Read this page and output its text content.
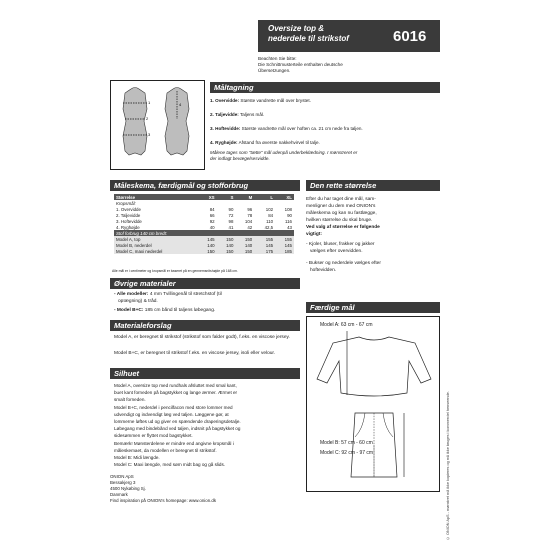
Oversize top &
nederdele til strikstof	6016
Beachten Sie bitte:
Die Schnittmusterteile enthalten deutsche
Übersetzungen.
1
2
3
4
Måltagning
1. Overvidde: Største vandrette mål over brystet.
2. Taljevidde: Taljens mål.
3. Hoftevidde: Største vandrette mål over hoften ca. 21 cm nede fra taljen.
4. Ryghøjde: Afstand fra øverste nakkehvirvel til talje.
Målene tages som "tætte" mål udenpå underbeklædning. I mønstreret er
der indlagt bevægelsesvidde.
Måleskema, færdigmål og stofforbrug
Størrelse	XS	S	M	L	XL
Kropsmål:					
1. Overvidde	84	90	96	102	108
2. Taljevidde	66	72	78	84	90
3. Hoftevidde	92	98	104	110	116
4. Ryghøjde	40	41	42	42,5	43
Stof forbrug 140 cm bredt:					
Model A, top	145	150	150	155	155
Model B, nederdel	140	140	140	145	145
Model C, maxi nederdel	150	150	150	175	185
Alle mål er i centimeter og kropsmål er baseret på en gennemsnitshøjde på 168 cm.
Øvrige materialer
- Alle modeller: 4 mm Tvillingenål til stretchstof (til
opIægning) & tråd.
- Model B+C: 185 cm bånd til taljens løbegang.
Materialeforslag
Model A, er beregnet til strikstof (strikstof som falder godt), f.eks. en viscose jersey.
Model B+C, er beregnet til strikstof f.eks. en viscose jersey, isoli eller velour.
Silhuet
Model A, oversize top med rundhals afsluttet med smal kant,
buet kant forneden på bagstykket og lange ærmer. Ærmet er
smalt forneden.
Model B+C, nederdel i pencilfacon med store lommer med
udvendigt og indvendigt læg ved taljen. Læggene gør, at
lommerne løftes ud og giver en spændende draperingsdetalje.
Løbegang med bindebånd ved taljen, indsnit på bagstykket og
sidesømmen er flyttet mod bagstykket.
Bemærk! Mønsterdelene er mindre end angivne kropsmål i
måleskemaet, da modellen er beregnet til strikstof.
Model B: Midi længde.
Model C: Maxi længde, med søm midt bag og gå slids.
ONION ApS
Bessakjerg 3
4500 Nykøbing Sj.
Danmark
Find inspiration på ONION's homepage: www.onion.dk
Den rette størrelse
Efter du har taget dine mål, sam-
menligner du dem med ONION's
måleskema og kan nu fastlægge,
hvilken størrelse du skal bruge.
Ved valg af størrelse er følgende
vigtigt:
- Kjoler, bluser, frakker og jakker
vælges efter overvidden.
- Bukser og nederdele vælges efter
hoftevidden.
Færdige mål
Model A: 63 cm - 67 cm
Model B: 57 cm - 60 cm
Model C: 92 cm - 97 cm	© ONION ApS - mønstret må ikke kopieres og må ikke bruges i kommerciel henseende.
